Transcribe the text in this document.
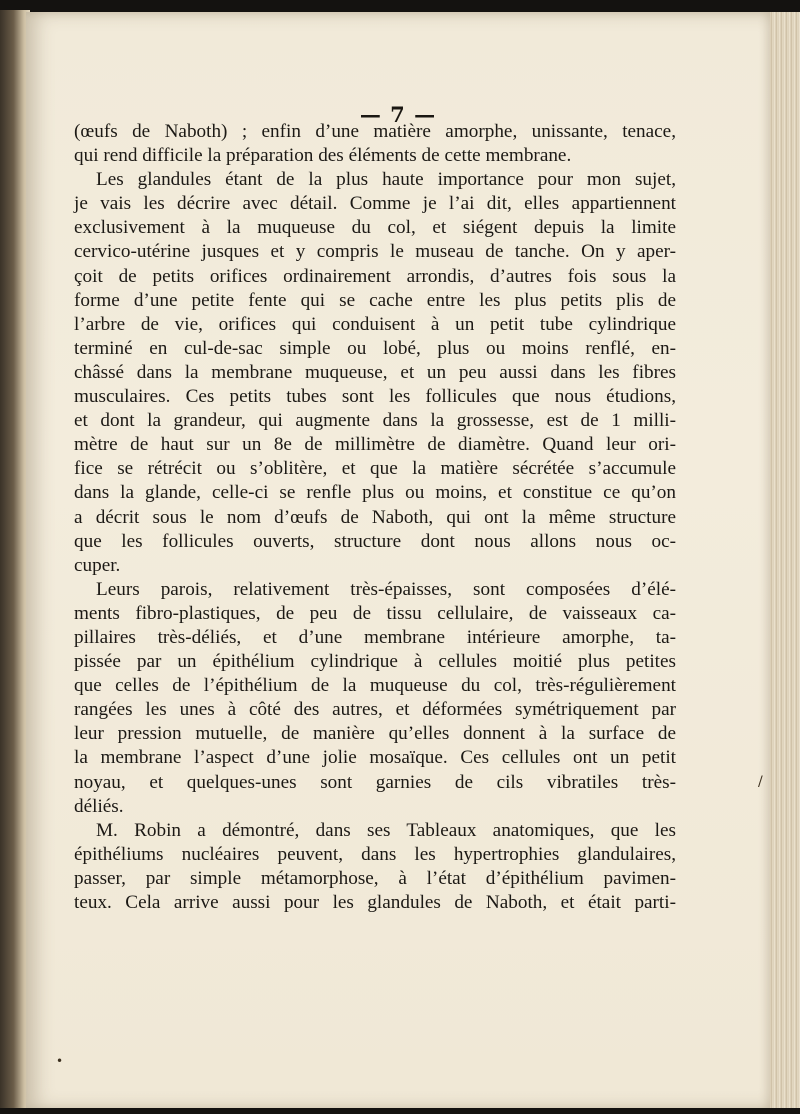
— 7 —
(œufs de Naboth) ; enfin d’une matière amorphe, unissante, tenace,
qui rend difficile la préparation des éléments de cette membrane.
Les glandules étant de la plus haute importance pour mon sujet,
je vais les décrire avec détail. Comme je l’ai dit, elles appartiennent
exclusivement à la muqueuse du col, et siégent depuis la limite
cervico-utérine jusques et y compris le museau de tanche. On y aper-
çoit de petits orifices ordinairement arrondis, d’autres fois sous la
forme d’une petite fente qui se cache entre les plus petits plis de
l’arbre de vie, orifices qui conduisent à un petit tube cylindrique
terminé en cul-de-sac simple ou lobé, plus ou moins renflé, en-
châssé dans la membrane muqueuse, et un peu aussi dans les fibres
musculaires. Ces petits tubes sont les follicules que nous étudions,
et dont la grandeur, qui augmente dans la grossesse, est de 1 milli-
mètre de haut sur un 8e de millimètre de diamètre. Quand leur ori-
fice se rétrécit ou s’oblitère, et que la matière sécrétée s’accumule
dans la glande, celle-ci se renfle plus ou moins, et constitue ce qu’on
a décrit sous le nom d’œufs de Naboth, qui ont la même structure
que les follicules ouverts, structure dont nous allons nous oc-
cuper.
Leurs parois, relativement très-épaisses, sont composées d’élé-
ments fibro-plastiques, de peu de tissu cellulaire, de vaisseaux ca-
pillaires très-déliés, et d’une membrane intérieure amorphe, ta-
pissée par un épithélium cylindrique à cellules moitié plus petites
que celles de l’épithélium de la muqueuse du col, très-régulièrement
rangées les unes à côté des autres, et déformées symétriquement par
leur pression mutuelle, de manière qu’elles donnent à la surface de
la membrane l’aspect d’une jolie mosaïque. Ces cellules ont un petit
noyau, et quelques-unes sont garnies de cils vibratiles très-
déliés.
M. Robin a démontré, dans ses Tableaux anatomiques, que les
épithéliums nucléaires peuvent, dans les hypertrophies glandulaires,
passer, par simple métamorphose, à l’état d’épithélium pavimen-
teux. Cela arrive aussi pour les glandules de Naboth, et était parti-
/
•
